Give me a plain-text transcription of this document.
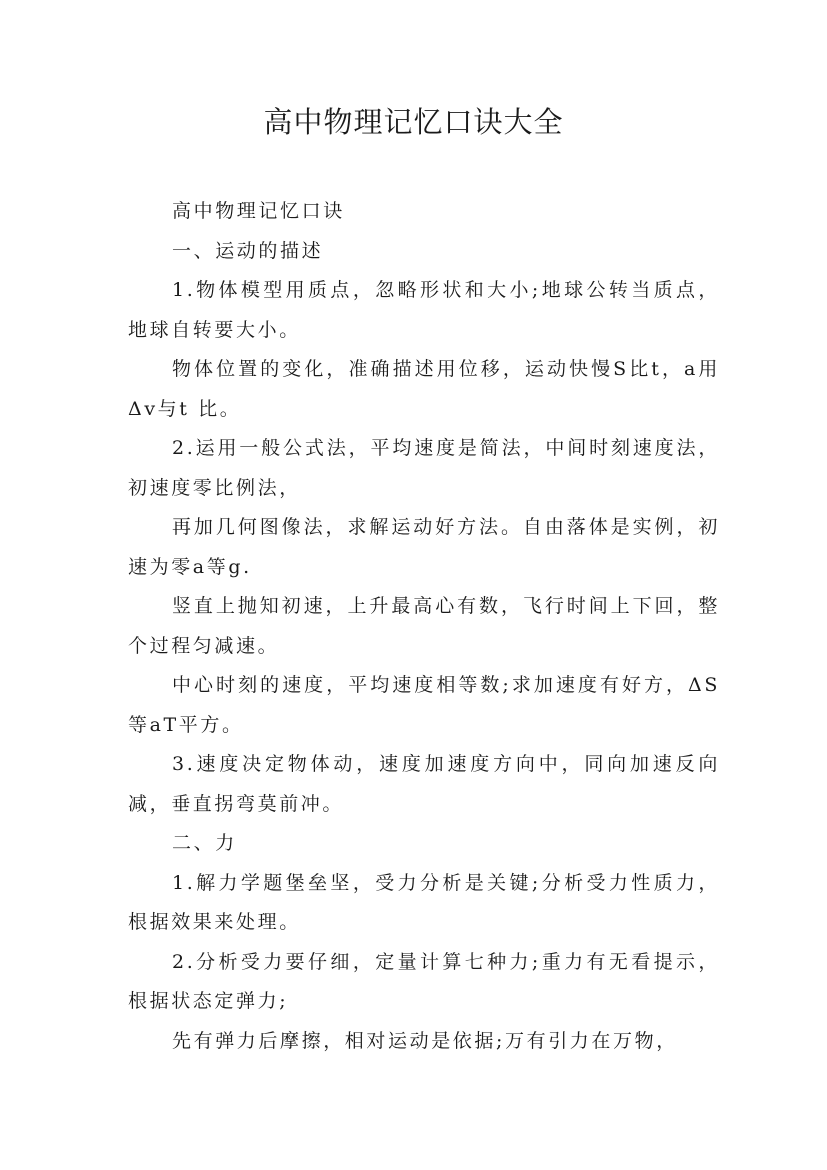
高中物理记忆口诀大全

高中物理记忆口诀

一、运动的描述

1.物体模型用质点，忽略形状和大小;地球公转当质点，地球自转要大小。

物体位置的变化，准确描述用位移，运动快慢S比t，a用Δv与t 比。

2.运用一般公式法，平均速度是简法，中间时刻速度法，初速度零比例法，

再加几何图像法，求解运动好方法。自由落体是实例，初速为零a等g.

竖直上抛知初速，上升最高心有数，飞行时间上下回，整个过程匀减速。

中心时刻的速度，平均速度相等数;求加速度有好方，ΔS等aT平方。

3.速度决定物体动，速度加速度方向中，同向加速反向减，垂直拐弯莫前冲。

二、力

1.解力学题堡垒坚，受力分析是关键;分析受力性质力，根据效果来处理。

2.分析受力要仔细，定量计算七种力;重力有无看提示，根据状态定弹力;

先有弹力后摩擦，相对运动是依据;万有引力在万物，
